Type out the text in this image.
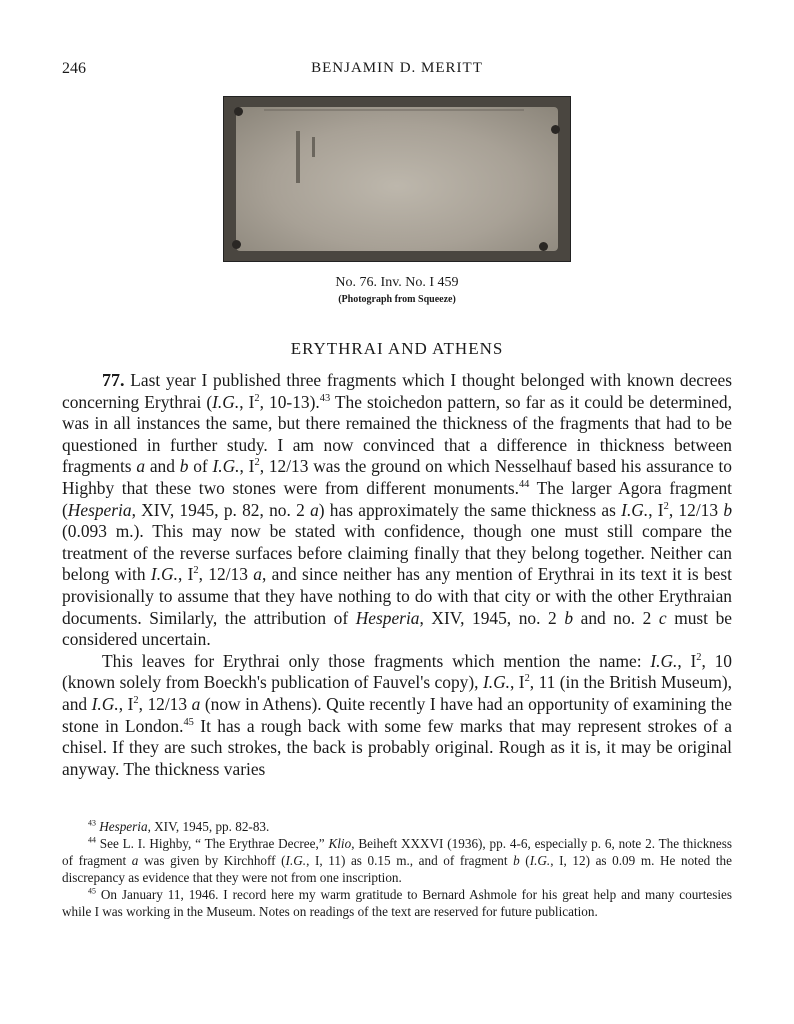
246	BENJAMIN D. MERITT
No. 76. Inv. No. I 459
(Photograph from Squeeze)
ERYTHRAI AND ATHENS

77. Last year I published three fragments which I thought belonged with known decrees concerning Erythrai (I.G., $I^2$, 10-13).$^{43}$ The stoichedon pattern, so far as it could be determined, was in all instances the same, but there remained the thickness of the fragments that had to be questioned in further study. I am now convinced that a difference in thickness between fragments a and b of I.G., $I^2$, 12/13 was the ground on which Nesselhauf based his assurance to Highby that these two stones were from different monuments.$^{44}$ The larger Agora fragment (Hesperia, XIV, 1945, p. 82, no. 2 a) has approximately the same thickness as I.G., $I^2$, 12/13 b (0.093 m.). This may now be stated with confidence, though one must still compare the treatment of the reverse surfaces before claiming finally that they belong together. Neither can belong with I.G., $I^2$, 12/13 a, and since neither has any mention of Erythrai in its text it is best provisionally to assume that they have nothing to do with that city or with the other Erythraian documents. Similarly, the attribution of Hesperia, XIV, 1945, no. 2 b and no. 2 c must be considered uncertain.

This leaves for Erythrai only those fragments which mention the name: I.G., $I^2$, 10 (known solely from Boeckh's publication of Fauvel's copy), I.G., $I^2$, 11 (in the British Museum), and I.G., $I^2$, 12/13 a (now in Athens). Quite recently I have had an opportunity of examining the stone in London.$^{45}$ It has a rough back with some few marks that may represent strokes of a chisel. If they are such strokes, the back is probably original. Rough as it is, it may be original anyway. The thickness varies

$^{43}$ Hesperia, XIV, 1945, pp. 82-83.

$^{44}$ See L. I. Highby, “ The Erythrae Decree,” Klio, Beiheft XXXVI (1936), pp. 4-6, especially p. 6, note 2. The thickness of fragment a was given by Kirchhoff (I.G., I, 11) as 0.15 m., and of fragment b (I.G., I, 12) as 0.09 m. He noted the discrepancy as evidence that they were not from one inscription.

$^{45}$ On January 11, 1946. I record here my warm gratitude to Bernard Ashmole for his great help and many courtesies while I was working in the Museum. Notes on readings of the text are reserved for future publication.
